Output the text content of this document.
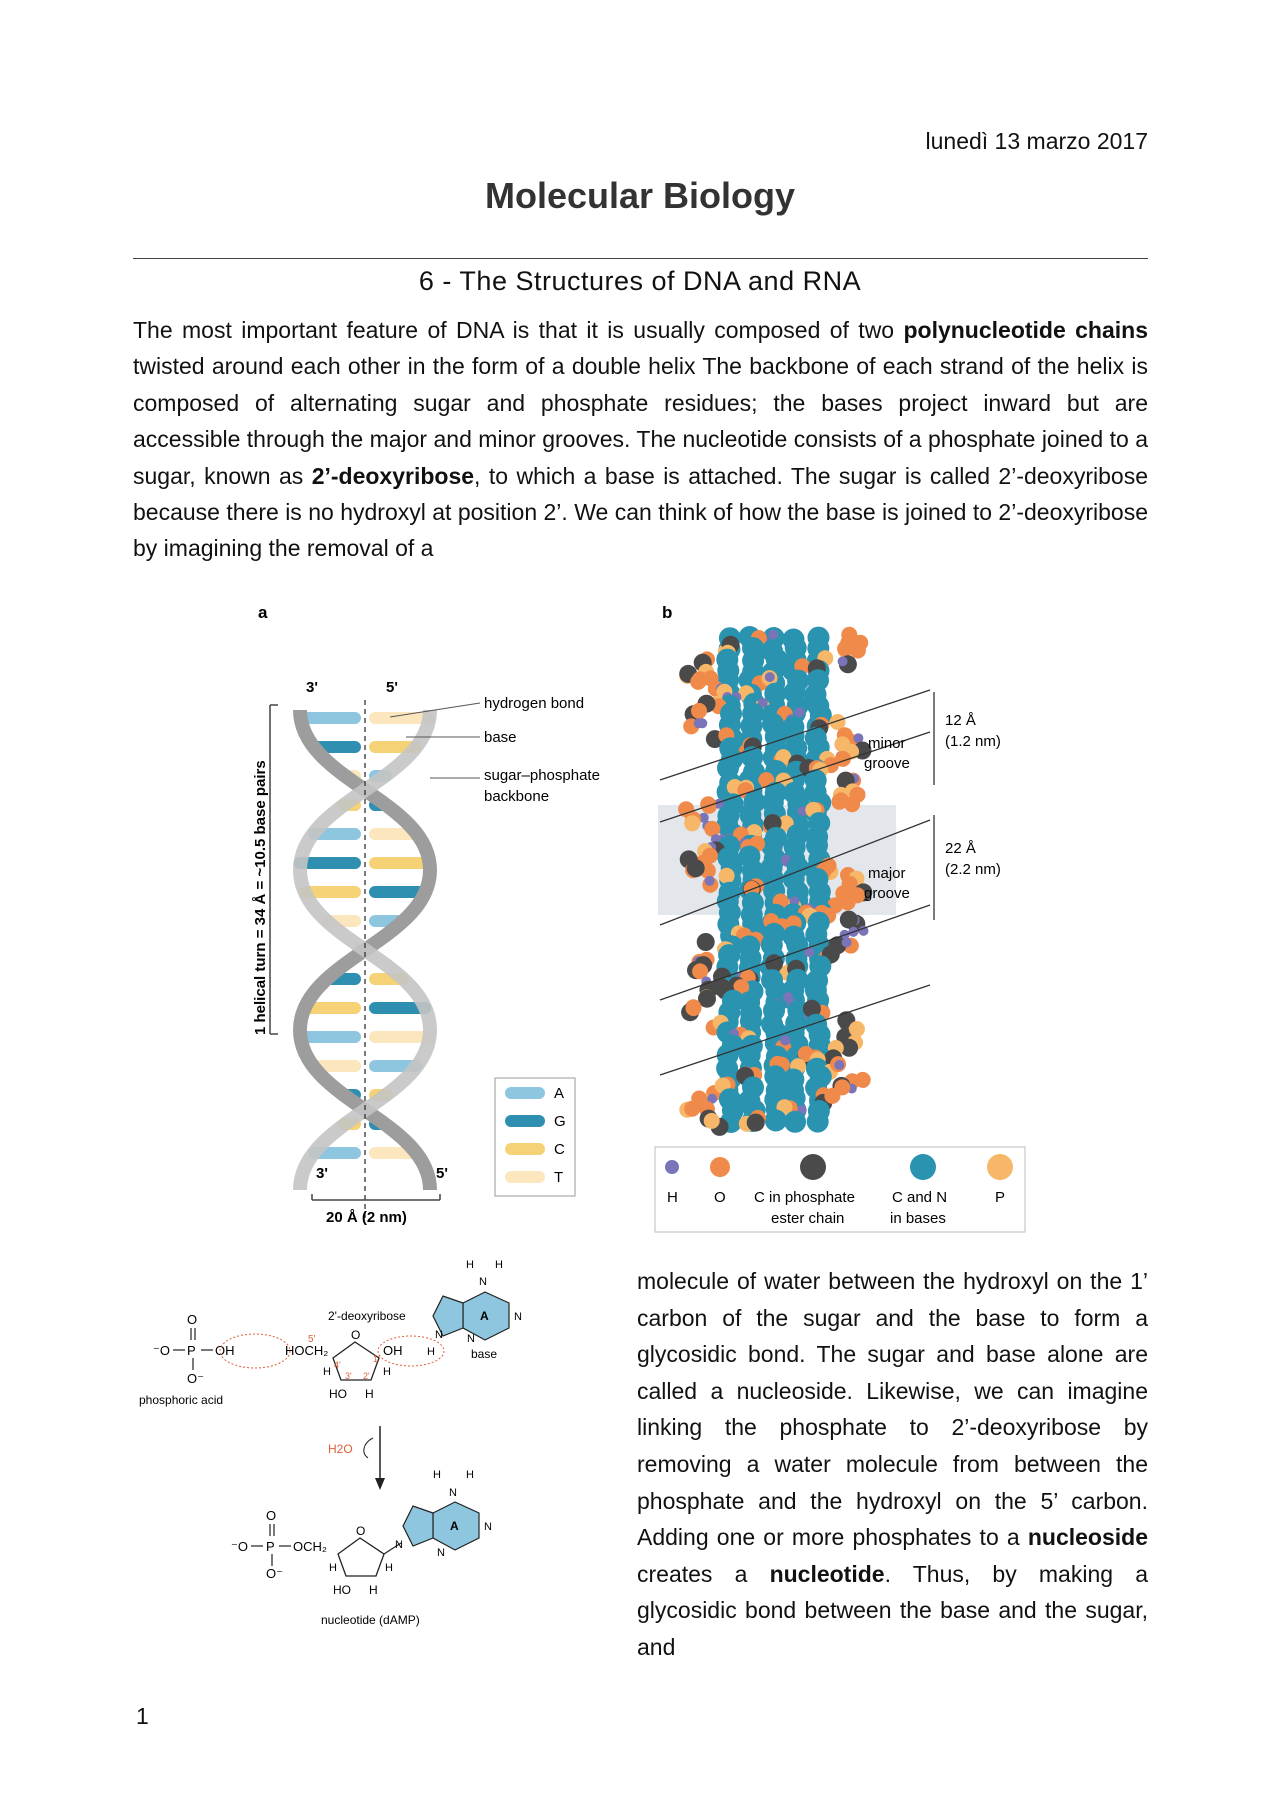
lunedì 13 marzo 2017
Molecular Biology
6 - The Structures of DNA and RNA
The most important feature of DNA is that it is usually composed of two polynucleotide chains twisted around each other in the form of a double helix The backbone of each strand of the helix is composed of alternating sugar and phosphate residues; the bases project inward but are accessible through the major and minor grooves. The nucleotide consists of a phosphate joined to a sugar, known as 2’-deoxyribose, to which a base is attached. The sugar is called 2’-deoxyribose because there is no hydroxyl at position 2’. We can think of how the base is joined to 2’-deoxyribose by imagining the removal of a
a
3'	5'
1 helical turn = 34 Å = ~10.5 base pairs
hydrogen bond
base
sugar–phosphate
backbone
3'	5'
20 Å (2 nm)
A
G
C
T
b
minor
groove
12 Å
(1.2 nm)
major
groove
22 Å
(2.2 nm)
H O C in phosphate
ester chain
C and N
in bases
P
⁻O P
O
OH
O⁻
phosphoric acid
2'-deoxyribose
HOCH₂
5'	O
4'
3' 2'
1'
OH
H	H
HO H
H
A
N
N
N
N
H H
base
H2O
⁻O P
O
OCH₂
O⁻
O
H	H
HO H
A
N
N
N
N
H H
nucleotide (dAMP)
molecule of water between the hydroxyl on the 1’ carbon of the sugar and the base to form a glycosidic bond. The sugar and base alone are called a nucleoside. Likewise, we can imagine linking the phosphate to 2’-deoxyribose by removing a water molecule from between the phosphate and the hydroxyl on the 5’ carbon. Adding one or more phosphates to a nucleoside creates a nucleotide. Thus, by making a glycosidic bond between the base and the sugar, and
1
